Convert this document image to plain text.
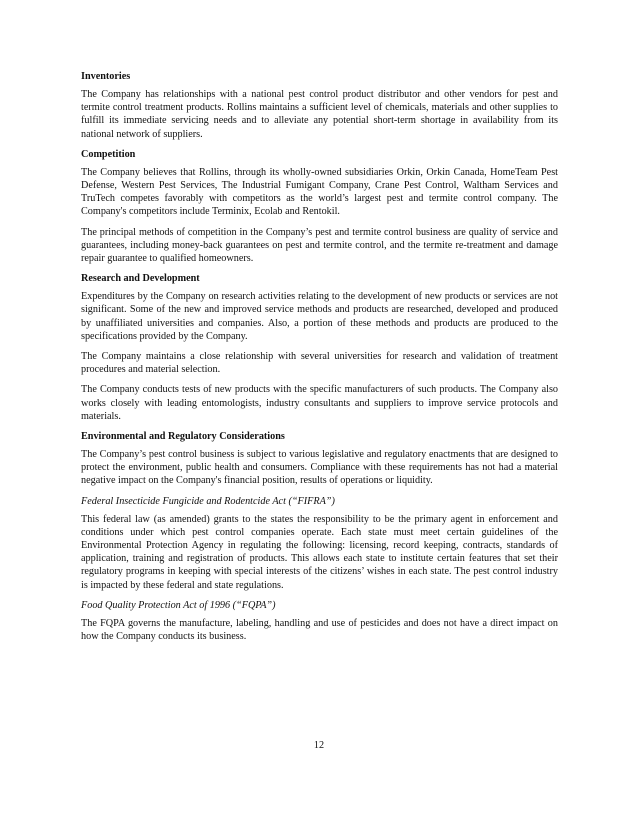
Inventories

The Company has relationships with a national pest control product distributor and other vendors for pest and termite control treatment products. Rollins maintains a sufficient level of chemicals, materials and other supplies to fulfill its immediate servicing needs and to alleviate any potential short-term shortage in availability from its national network of suppliers.

Competition

The Company believes that Rollins, through its wholly-owned subsidiaries Orkin, Orkin Canada, HomeTeam Pest Defense, Western Pest Services, The Industrial Fumigant Company, Crane Pest Control, Waltham Services and TruTech competes favorably with competitors as the world’s largest pest and termite control company. The Company's competitors include Terminix, Ecolab and Rentokil.

The principal methods of competition in the Company’s pest and termite control business are quality of service and guarantees, including money-back guarantees on pest and termite control, and the termite re-treatment and damage repair guarantee to qualified homeowners.

Research and Development

Expenditures by the Company on research activities relating to the development of new products or services are not significant. Some of the new and improved service methods and products are researched, developed and produced by unaffiliated universities and companies. Also, a portion of these methods and products are produced to the specifications provided by the Company.

The Company maintains a close relationship with several universities for research and validation of treatment procedures and material selection.

The Company conducts tests of new products with the specific manufacturers of such products. The Company also works closely with leading entomologists, industry consultants and suppliers to improve service protocols and materials.

Environmental and Regulatory Considerations

The Company’s pest control business is subject to various legislative and regulatory enactments that are designed to protect the environment, public health and consumers. Compliance with these requirements has not had a material negative impact on the Company's financial position, results of operations or liquidity.

Federal Insecticide Fungicide and Rodentcide Act (“FIFRA”)

This federal law (as amended) grants to the states the responsibility to be the primary agent in enforcement and conditions under which pest control companies operate. Each state must meet certain guidelines of the Environmental Protection Agency in regulating the following: licensing, record keeping, contracts, standards of application, training and registration of products. This allows each state to institute certain features that set their regulatory programs in keeping with special interests of the citizens’ wishes in each state. The pest control industry is impacted by these federal and state regulations.

Food Quality Protection Act of 1996 (“FQPA”)

The FQPA governs the manufacture, labeling, handling and use of pesticides and does not have a direct impact on how the Company conducts its business.

12
